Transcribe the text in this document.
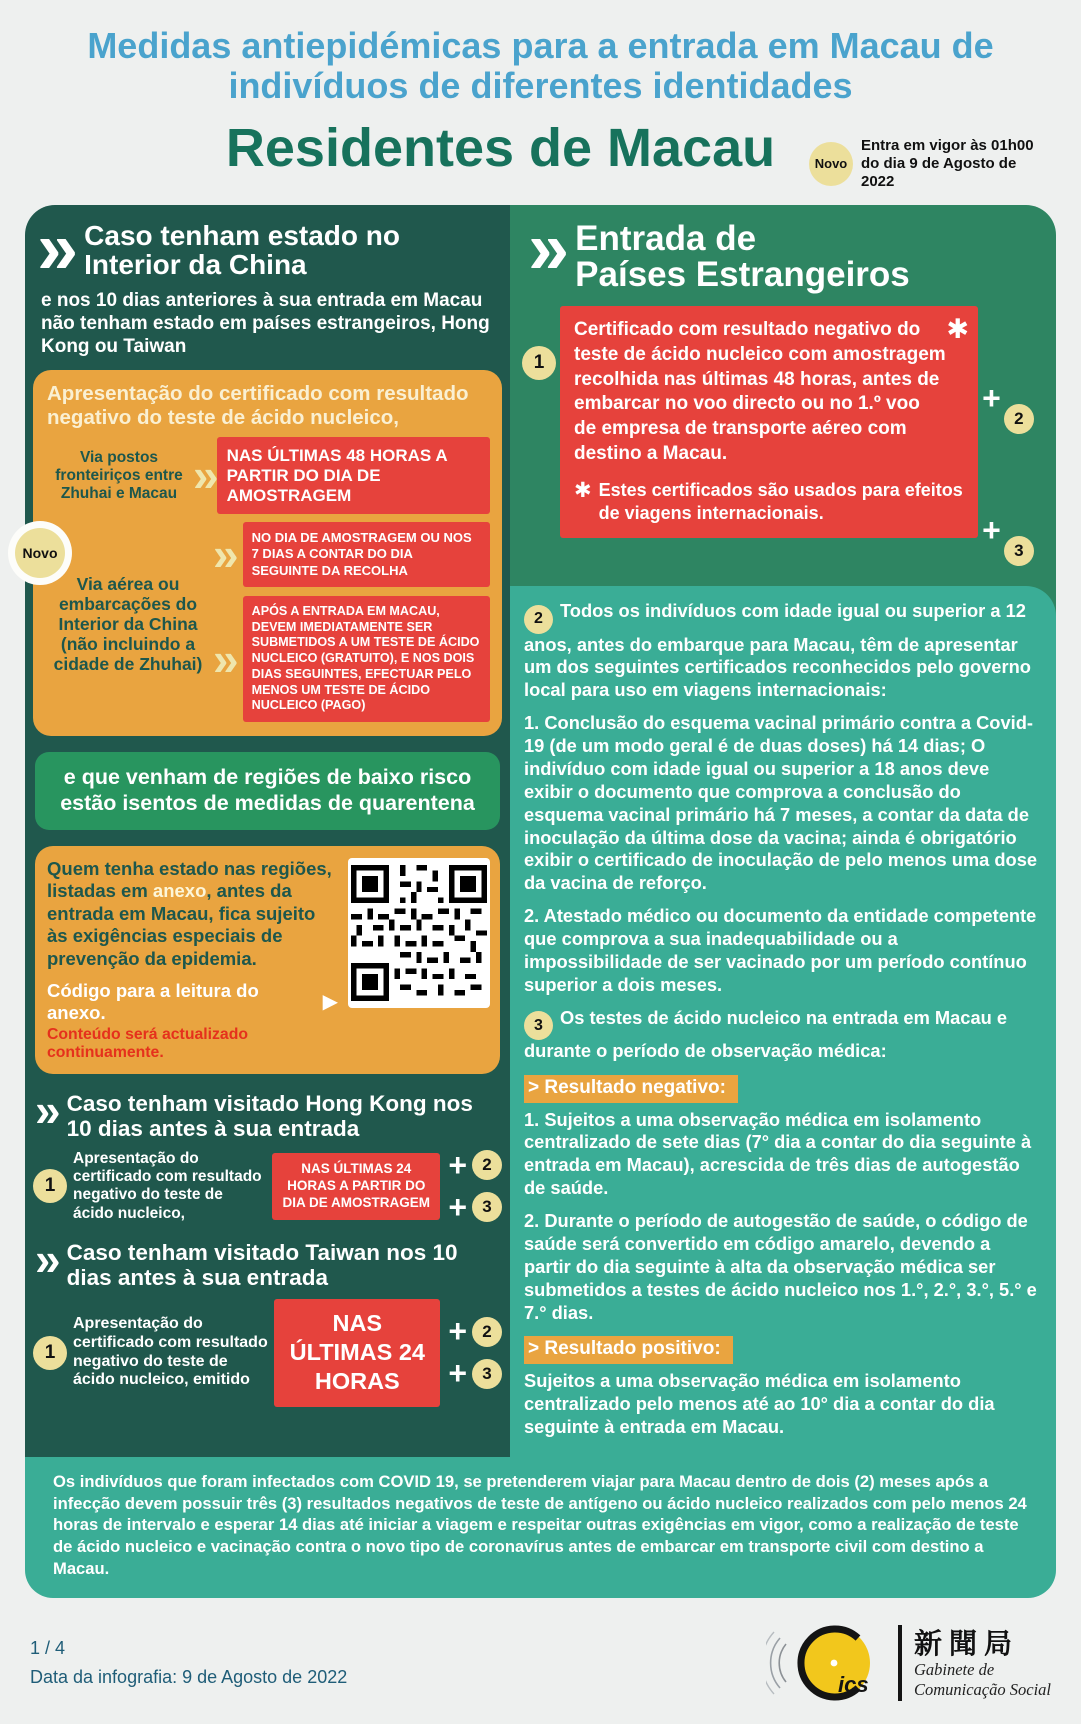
Medidas antiepidémicas para a entrada em Macau de indivíduos de diferentes identidades
Residentes de Macau	Novo
Entra em vigor às 01h00 do dia 9 de Agosto de 2022
» Caso tenham estado no Interior da China

e nos 10 dias anteriores à sua entrada em Macau não tenham estado em países estrangeiros, Hong Kong ou Taiwan

Apresentação do certificado com resultado negativo do teste de ácido nucleico,

Via postos fronteiriços entre Zhuhai e Macau » NAS ÚLTIMAS 48 HORAS A PARTIR DO DIA DE AMOSTRAGEM
Novo
Via aérea ou embarcações do Interior da China (não incluindo a cidade de Zhuhai)
»	NO DIA DE AMOSTRAGEM OU NOS 7 DIAS A CONTAR DO DIA SEGUINTE DA RECOLHA
»
APÓS A ENTRADA EM MACAU, DEVEM IMEDIATAMENTE SER SUBMETIDOS A UM TESTE DE ÁCIDO NUCLEICO (GRATUITO), E NOS DOIS DIAS SEGUINTES, EFECTUAR PELO MENOS UM TESTE DE ÁCIDO NUCLEICO (PAGO)
e que venham de regiões de baixo risco estão isentos de medidas de quarentena

Quem tenha estado nas regiões, listadas em anexo, antes da entrada em Macau, fica sujeito às exigências especiais de prevenção da epidemia.

Código para a leitura do anexo.	▶
Conteúdo será actualizado continuamente.
» Caso tenham visitado Hong Kong nos 10 dias antes à sua entrada
1
Apresentação do certificado com resultado negativo do teste de ácido nucleico,
NAS ÚLTIMAS 24 HORAS A PARTIR DO DIA DE AMOSTRAGEM
+ 2
+ 3
» Caso tenham visitado Taiwan nos 10 dias antes à sua entrada
1
Apresentação do certificado com resultado negativo do teste de ácido nucleico, emitido
NAS ÚLTIMAS 24 HORAS
+ 2
+ 3
» Entrada de
Países Estrangeiros
1
✱

Certificado com resultado negativo do teste de ácido nucleico com amostragem recolhida nas últimas 48 horas, antes de embarcar no voo directo ou no 1.º voo de empresa de transporte aéreo com destino a Macau.

✱ Estes certificados são usados para efeitos de viagens internacionais.
+
2
+
3

2 Todos os indivíduos com idade igual ou superior a 12 anos, antes do embarque para Macau, têm de apresentar um dos seguintes certificados reconhecidos pelo governo local para uso em viagens internacionais:

1. Conclusão do esquema vacinal primário contra a Covid-19 (de um modo geral é de duas doses) há 14 dias; O indivíduo com idade igual ou superior a 18 anos deve exibir o documento que comprova a conclusão do esquema vacinal primário há 7 meses, a contar da data de inoculação da última dose da vacina; ainda é obrigatório exibir o certificado de inoculação de pelo menos uma dose da vacina de reforço.

2. Atestado médico ou documento da entidade competente que comprova a sua inadequabilidade ou a impossibilidade de ser vacinado por um período contínuo superior a dois meses.

3 Os testes de ácido nucleico na entrada em Macau e durante o período de observação médica:

> Resultado negativo:

1. Sujeitos a uma observação médica em isolamento centralizado de sete dias (7° dia a contar do dia seguinte à entrada em Macau), acrescida de três dias de autogestão de saúde.

2. Durante o período de autogestão de saúde, o código de saúde será convertido em código amarelo, devendo a partir do dia seguinte à alta da observação médica ser submetidos a testes de ácido nucleico nos 1.°, 2.°, 3.°, 5.° e 7.° dias.

> Resultado positivo:

Sujeitos a uma observação médica em isolamento centralizado pelo menos até ao 10° dia a contar do dia seguinte à entrada em Macau.

Os indivíduos que foram infectados com COVID 19, se pretenderem viajar para Macau dentro de dois (2) meses após a infecção devem possuir três (3) resultados negativos de teste de antígeno ou ácido nucleico realizados com pelo menos 24 horas de intervalo e esperar 14 dias até iniciar a viagem e respeitar outras exigências em vigor, como a realização de teste de ácido nucleico e vacinação contra o novo tipo de coronavírus antes de embarcar em transporte civil com destino a Macau.
1 / 4
Data da infografia: 9 de Agosto de 2022	ics
新聞局
Gabinete de
Comunicação Social
